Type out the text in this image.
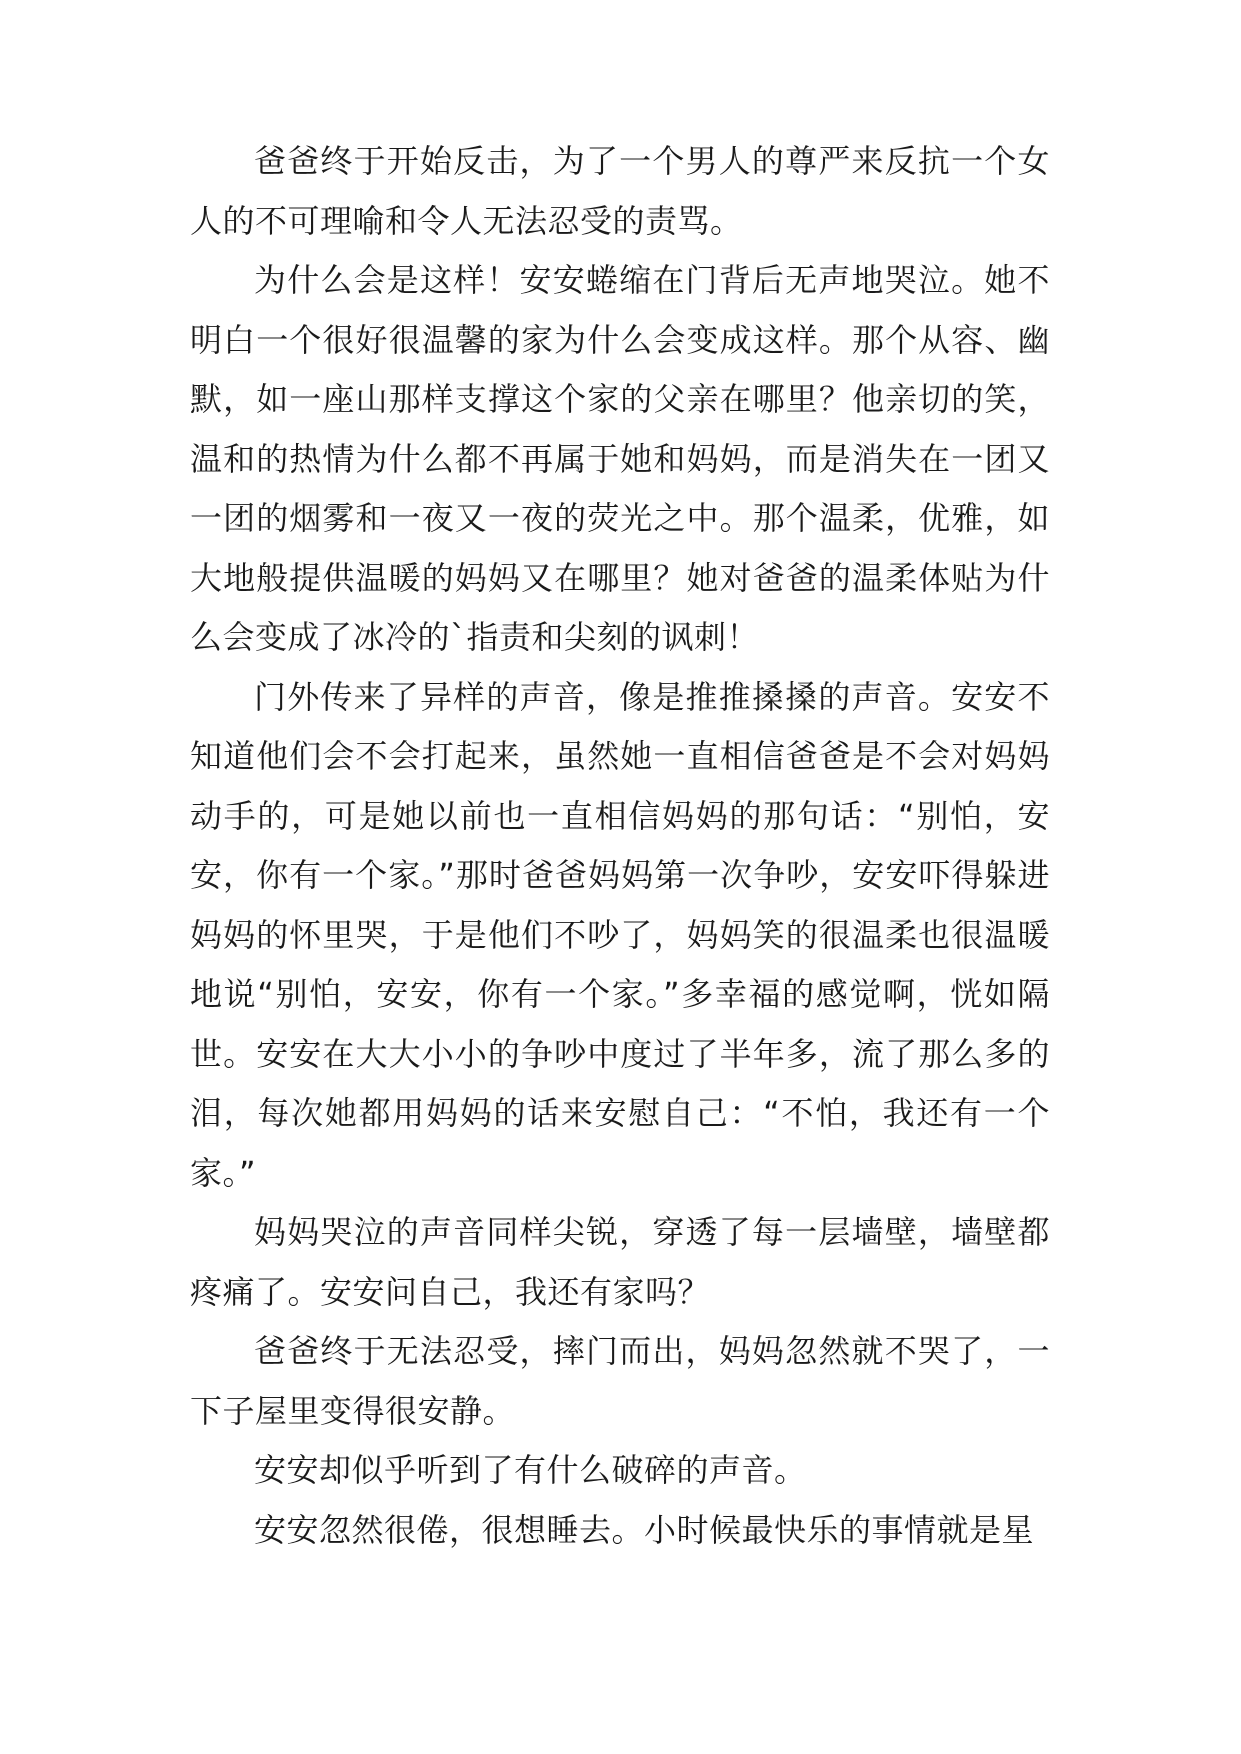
爸爸终于开始反击，为了一个男人的尊严来反抗一个女人的不可理喻和令人无法忍受的责骂。

为什么会是这样！安安蜷缩在门背后无声地哭泣。她不明白一个很好很温馨的家为什么会变成这样。那个从容、幽默，如一座山那样支撑这个家的父亲在哪里？他亲切的笑，温和的热情为什么都不再属于她和妈妈，而是消失在一团又一团的烟雾和一夜又一夜的荧光之中。那个温柔，优雅，如大地般提供温暖的妈妈又在哪里？她对爸爸的温柔体贴为什么会变成了冰冷的`指责和尖刻的讽刺！

门外传来了异样的声音，像是推推搡搡的声音。安安不知道他们会不会打起来，虽然她一直相信爸爸是不会对妈妈动手的，可是她以前也一直相信妈妈的那句话：“别怕，安安，你有一个家。”那时爸爸妈妈第一次争吵，安安吓得躲进妈妈的怀里哭，于是他们不吵了，妈妈笑的很温柔也很温暖地说“别怕，安安，你有一个家。”多幸福的感觉啊，恍如隔世。安安在大大小小的争吵中度过了半年多，流了那么多的泪，每次她都用妈妈的话来安慰自己：“不怕，我还有一个家。”

妈妈哭泣的声音同样尖锐，穿透了每一层墙壁，墙壁都疼痛了。安安问自己，我还有家吗？

爸爸终于无法忍受，摔门而出，妈妈忽然就不哭了，一下子屋里变得很安静。

安安却似乎听到了有什么破碎的声音。

安安忽然很倦，很想睡去。小时候最快乐的事情就是星
